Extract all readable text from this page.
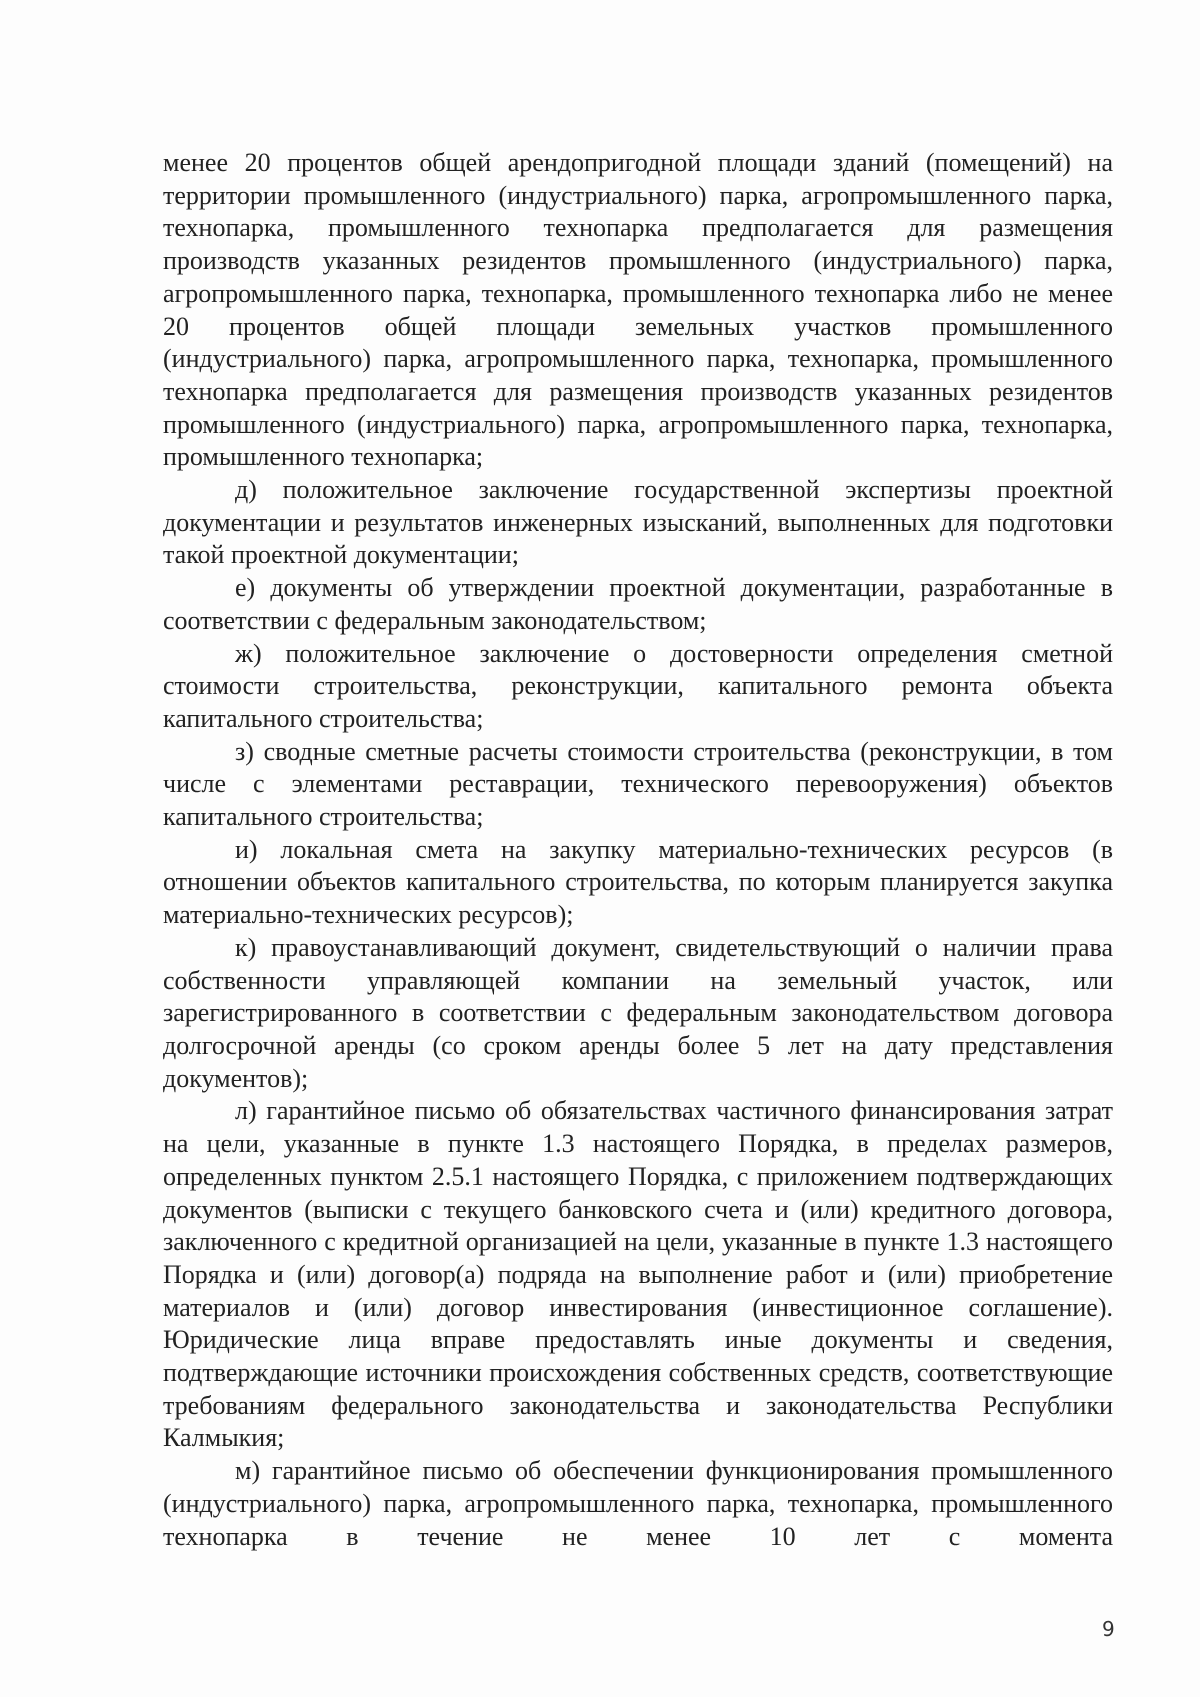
менее 20 процентов общей арендопригодной площади зданий (помещений) на территории промышленного (индустриального) парка, агропромышленного парка, технопарка, промышленного технопарка предполагается для размещения производств указанных резидентов промышленного (индустриального) парка, агропромышленного парка, технопарка, промышленного технопарка либо не менее 20 процентов общей площади земельных участков промышленного (индустриального) парка, агропромышленного парка, технопарка, промышленного технопарка предполагается для размещения производств указанных резидентов промышленного (индустриального) парка, агропромышленного парка, технопарка, промышленного технопарка;

д) положительное заключение государственной экспертизы проектной документации и результатов инженерных изысканий, выполненных для подготовки такой проектной документации;

е) документы об утверждении проектной документации, разработанные в соответствии с федеральным законодательством;

ж) положительное заключение о достоверности определения сметной стоимости строительства, реконструкции, капитального ремонта объекта капитального строительства;

з) сводные сметные расчеты стоимости строительства (реконструкции, в том числе с элементами реставрации, технического перевооружения) объектов капитального строительства;

и) локальная смета на закупку материально-технических ресурсов (в отношении объектов капитального строительства, по которым планируется закупка материально-технических ресурсов);

к) правоустанавливающий документ, свидетельствующий о наличии права собственности управляющей компании на земельный участок, или зарегистрированного в соответствии с федеральным законодательством договора долгосрочной аренды (со сроком аренды более 5 лет на дату представления документов);

л) гарантийное письмо об обязательствах частичного финансирования затрат на цели, указанные в пункте 1.3 настоящего Порядка, в пределах размеров, определенных пунктом 2.5.1 настоящего Порядка, с приложением подтверждающих документов (выписки с текущего банковского счета и (или) кредитного договора, заключенного с кредитной организацией на цели, указанные в пункте 1.3 настоящего Порядка и (или) договор(а) подряда на выполнение работ и (или) приобретение материалов и (или) договор инвестирования (инвестиционное соглашение). Юридические лица вправе предоставлять иные документы и сведения, подтверждающие источники происхождения собственных средств, соответствующие требованиям федерального законодательства и законодательства Республики Калмыкия;

м) гарантийное письмо об обеспечении функционирования промышленного (индустриального) парка, агропромышленного парка, технопарка, промышленного технопарка в течение не менее 10 лет с момента

9
